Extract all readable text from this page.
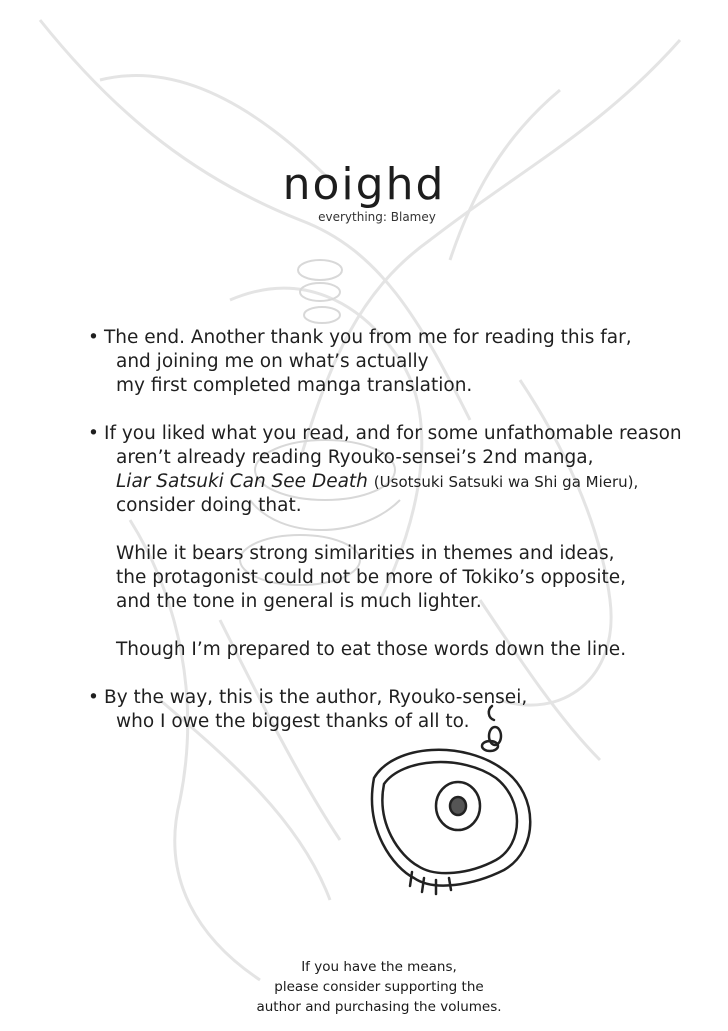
noighd
everything: Blamey
• The end. Another thank you from me for reading this far,

and joining me on what’s actually

my first completed manga translation.

• If you liked what you read, and for some unfathomable reason

aren’t already reading Ryouko-sensei’s 2nd manga,

Liar Satsuki Can See Death (Usotsuki Satsuki wa Shi ga Mieru),

consider doing that.

While it bears strong similarities in themes and ideas,

the protagonist could not be more of Tokiko’s opposite,

and the tone in general is much lighter.

Though I’m prepared to eat those words down the line.

• By the way, this is the author, Ryouko-sensei,

who I owe the biggest thanks of all to.

If you have the means,
please consider supporting the
author and purchasing the volumes.
